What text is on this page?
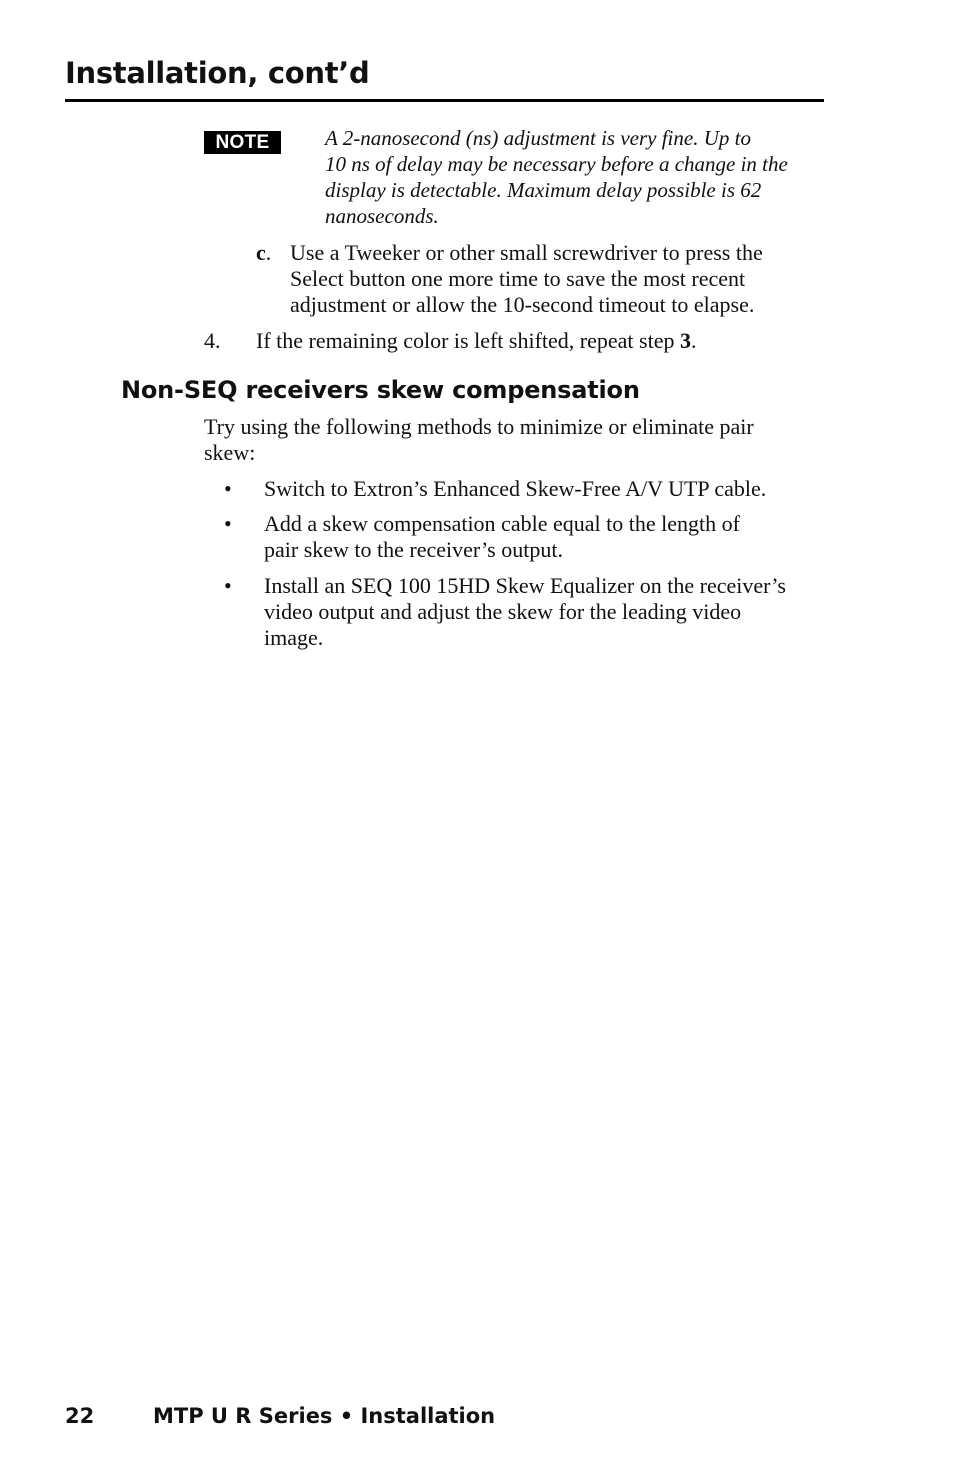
Installation, cont’d
NOTE	A 2-nanosecond (ns) adjustment is very fine. Up to
10 ns of delay may be necessary before a change in the
display is detectable. Maximum delay possible is 62
nanoseconds.
c. Use a Tweeker or other small screwdriver to press the
Select button one more time to save the most recent
adjustment or allow the 10-second timeout to elapse.
4. If the remaining color is left shifted, repeat step 3.
Non-SEQ receivers skew compensation
Try using the following methods to minimize or eliminate pair
skew:
• Switch to Extron’s Enhanced Skew-Free A/V UTP cable.
• Add a skew compensation cable equal to the length of
pair skew to the receiver’s output.
• Install an SEQ 100 15HD Skew Equalizer on the receiver’s
video output and adjust the skew for the leading video
image.
22	MTP U R Series • Installation
